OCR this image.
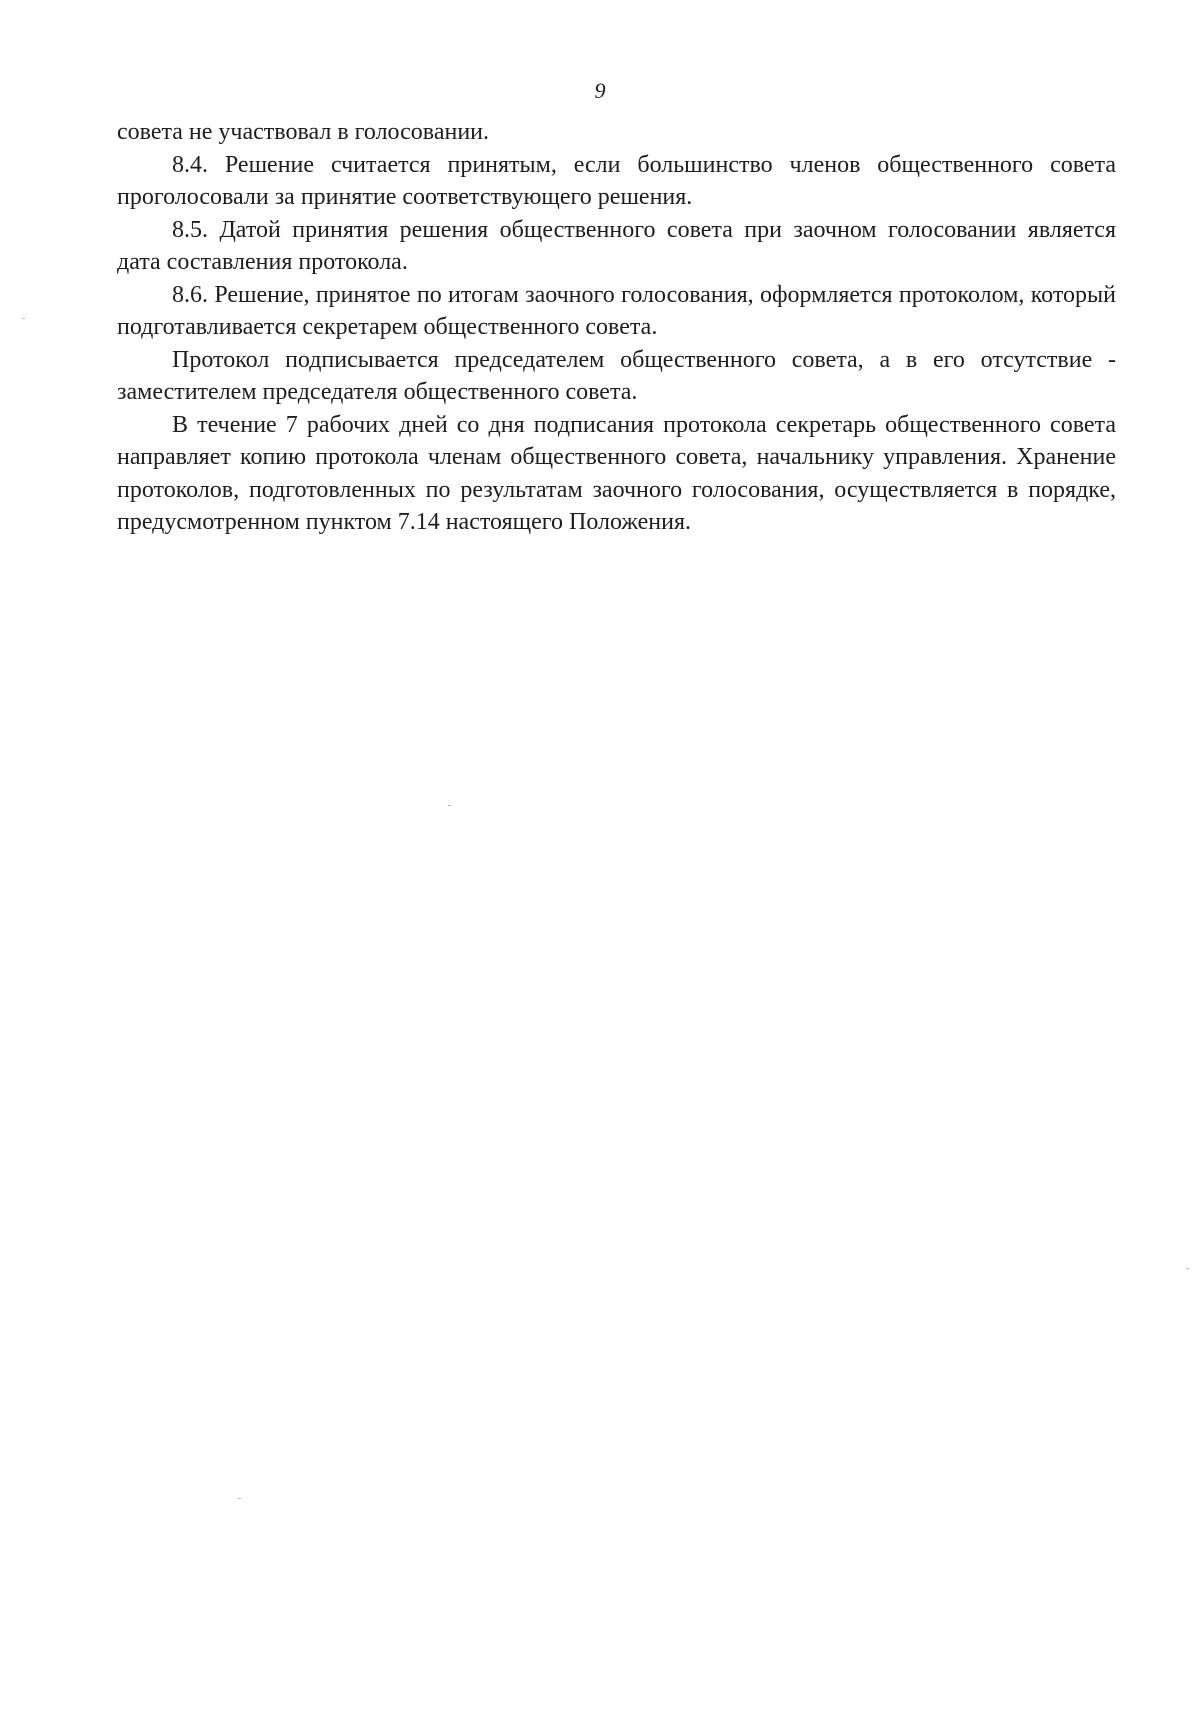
9

совета не участвовал в голосовании.

8.4. Решение считается принятым, если большинство членов общественного совета проголосовали за принятие соответствующего решения.

8.5. Датой принятия решения общественного совета при заочном голосовании является дата составления протокола.

8.6. Решение, принятое по итогам заочного голосования, оформляется протоколом, который подготавливается секретарем общественного совета.

Протокол подписывается председателем общественного совета, а в его отсутствие - заместителем председателя общественного совета.

В течение 7 рабочих дней со дня подписания протокола секретарь общественного совета направляет копию протокола членам общественного совета, начальнику управления. Хранение протоколов, подготовленных по результатам заочного голосования, осуществляется в порядке, предусмотренном пунктом 7.14 настоящего Положения.
